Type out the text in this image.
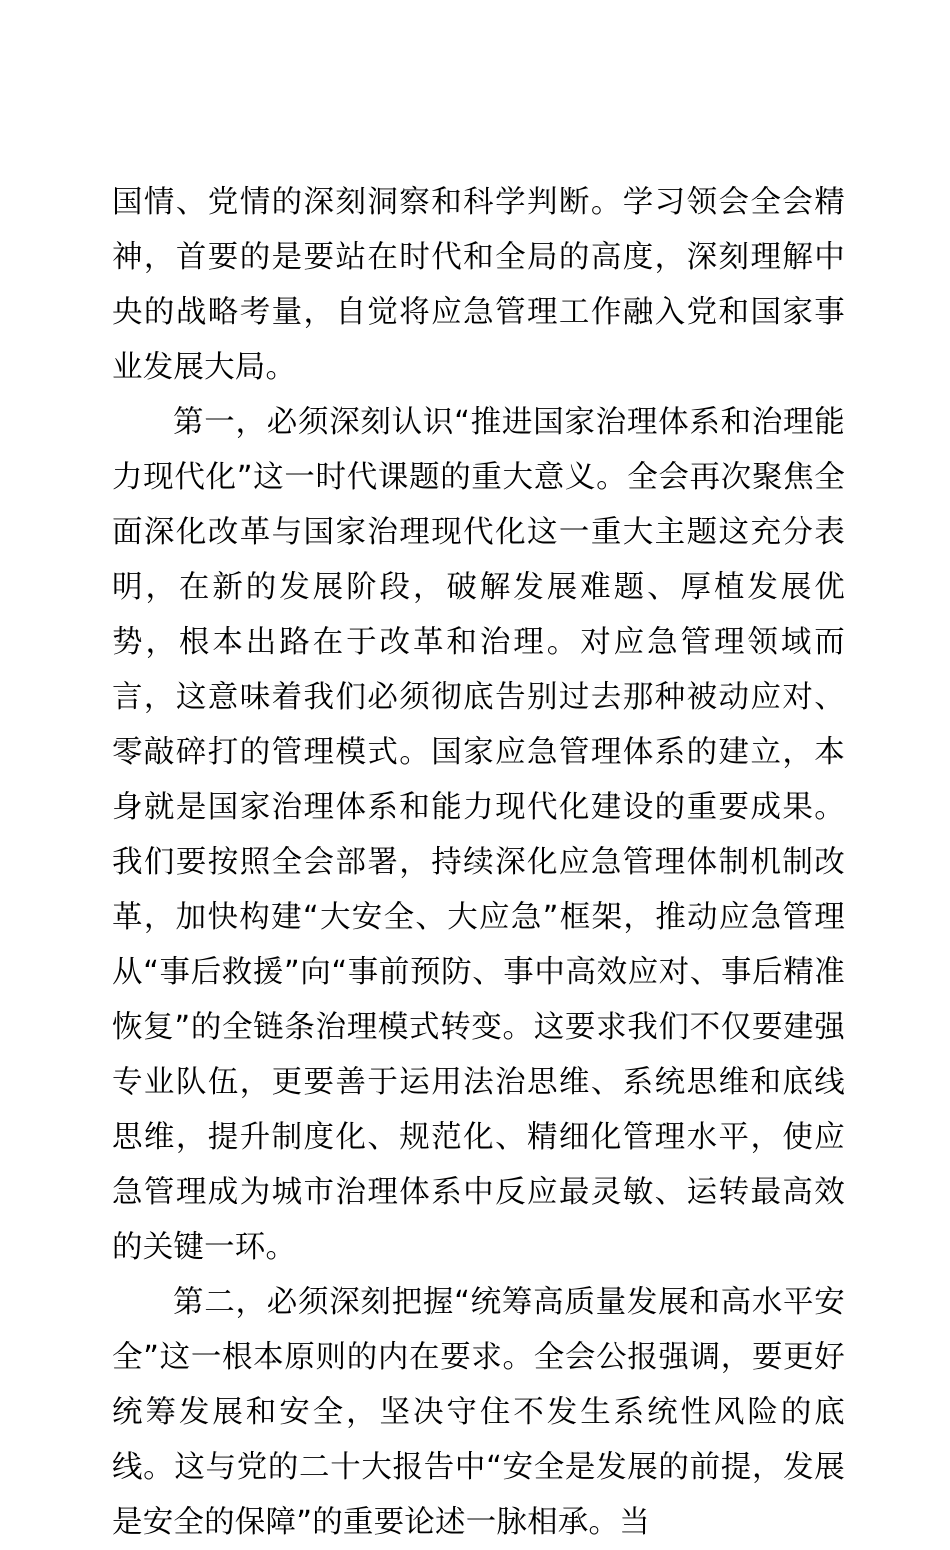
国情、党情的深刻洞察和科学判断。学习领会全会精神，首要的是要站在时代和全局的高度，深刻理解中央的战略考量，自觉将应急管理工作融入党和国家事业发展大局。

第一，必须深刻认识“推进国家治理体系和治理能力现代化”这一时代课题的重大意义。全会再次聚焦全面深化改革与国家治理现代化这一重大主题这充分表明，在新的发展阶段，破解发展难题、厚植发展优势，根本出路在于改革和治理。对应急管理领域而言，这意味着我们必须彻底告别过去那种被动应对、零敲碎打的管理模式。国家应急管理体系的建立，本身就是国家治理体系和能力现代化建设的重要成果。我们要按照全会部署，持续深化应急管理体制机制改革，加快构建“大安全、大应急”框架，推动应急管理从“事后救援”向“事前预防、事中高效应对、事后精准恢复”的全链条治理模式转变。这要求我们不仅要建强专业队伍，更要善于运用法治思维、系统思维和底线思维，提升制度化、规范化、精细化管理水平，使应急管理成为城市治理体系中反应最灵敏、运转最高效的关键一环。

第二，必须深刻把握“统筹高质量发展和高水平安全”这一根本原则的内在要求。全会公报强调，要更好统筹发展和安全，坚决守住不发生系统性风险的底线。这与党的二十大报告中“安全是发展的前提，发展是安全的保障”的重要论述一脉相承。当
